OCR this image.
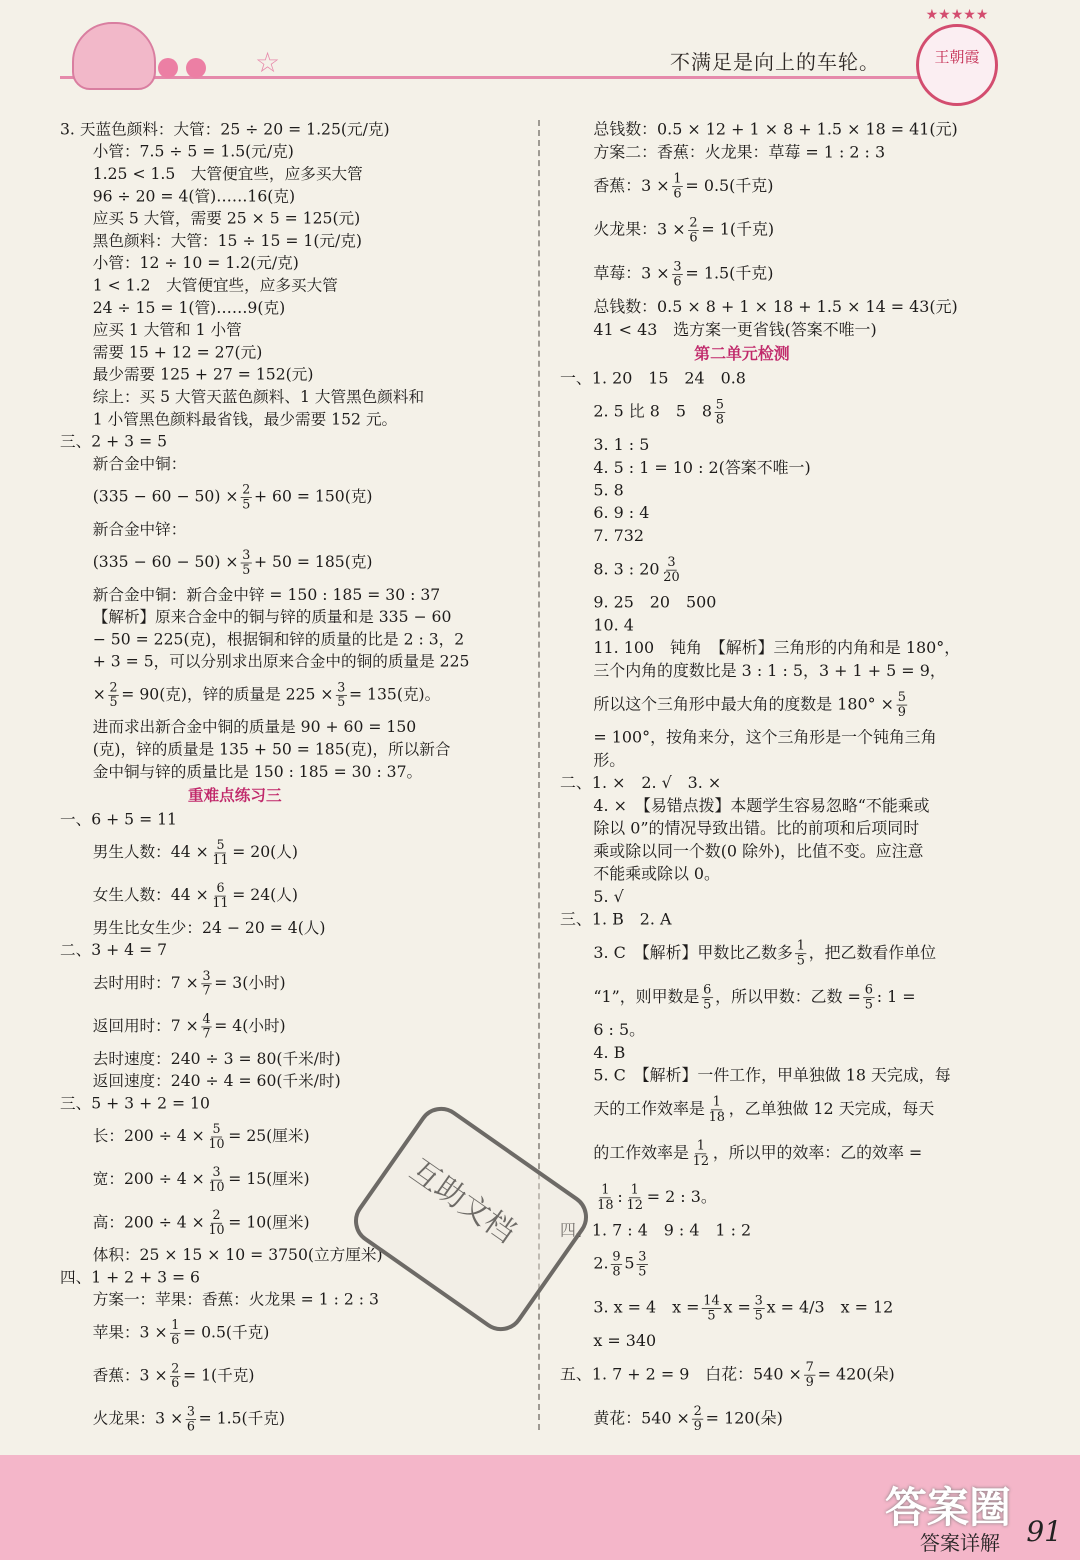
☆	不满足是向上的车轮。
★★★★★
王朝霞
3. 天蓝色颜料：大管：25 ÷ 20 = 1.25(元/克)
小管：7.5 ÷ 5 = 1.5(元/克)
1.25 < 1.5　大管便宜些，应多买大管
96 ÷ 20 = 4(管)……16(克)
应买 5 大管，需要 25 × 5 = 125(元)
黑色颜料：大管：15 ÷ 15 = 1(元/克)
小管：12 ÷ 10 = 1.2(元/克)
1 < 1.2　大管便宜些，应多买大管
24 ÷ 15 = 1(管)……9(克)
应买 1 大管和 1 小管
需要 15 + 12 = 27(元)
最少需要 125 + 27 = 152(元)
综上：买 5 大管天蓝色颜料、1 大管黑色颜料和
1 小管黑色颜料最省钱，最少需要 152 元。
三、2 + 3 = 5
新合金中铜：
$(335 - 60 - 50) \times \frac{2}{5} + 60 = 150$(克)
新合金中锌：
$(335 - 60 - 50) \times \frac{3}{5} + 50 = 185$(克)
新合金中铜：新合金中锌 = 150 : 185 = 30 : 37
【解析】原来合金中的铜与锌的质量和是 335 − 60
− 50 = 225(克)，根据铜和锌的质量的比是 2 : 3，2
+ 3 = 5，可以分别求出原来合金中的铜的质量是 225
× $\frac{2}{5} = 90$(克)，锌的质量是 $225 \times \frac{3}{5} = 135$(克)。
进而求出新合金中铜的质量是 90 + 60 = 150
(克)，锌的质量是 135 + 50 = 185(克)，所以新合
金中铜与锌的质量比是 150 : 185 = 30 : 37。
重难点练习三
一、6 + 5 = 11
男生人数：$44 \times \frac{5}{11} = 20$(人)
女生人数：$44 \times \frac{6}{11} = 24$(人)
男生比女生少：24 − 20 = 4(人)
二、3 + 4 = 7
去时用时：$7 \times \frac{3}{7} = 3$(小时)
返回用时：$7 \times \frac{4}{7} = 4$(小时)
去时速度：240 ÷ 3 = 80(千米/时)
返回速度：240 ÷ 4 = 60(千米/时)
三、5 + 3 + 2 = 10
长：$200 \div 4 \times \frac{5}{10} = 25$(厘米)
宽：$200 \div 4 \times \frac{3}{10} = 15$(厘米)
高：$200 \div 4 \times \frac{2}{10} = 10$(厘米)
体积：25 × 15 × 10 = 3750(立方厘米)
四、1 + 2 + 3 = 6
方案一：苹果：香蕉：火龙果 = 1 : 2 : 3
苹果：$3 \times \frac{1}{6} = 0.5$(千克)
香蕉：$3 \times \frac{2}{6} = 1$(千克)
火龙果：$3 \times \frac{3}{6} = 1.5$(千克)
总钱数：0.5 × 12 + 1 × 8 + 1.5 × 18 = 41(元)
方案二：香蕉：火龙果：草莓 = 1 : 2 : 3
香蕉：$3 \times \frac{1}{6} = 0.5$(千克)
火龙果：$3 \times \frac{2}{6} = 1$(千克)
草莓：$3 \times \frac{3}{6} = 1.5$(千克)
总钱数：0.5 × 8 + 1 × 18 + 1.5 × 14 = 43(元)
41 < 43　选方案一更省钱(答案不唯一)
第二单元检测
一、1. 20　15　24　0.8
2. 5 比 8　5　$8 \frac{5}{8}$
3. 1 : 5
4. 5 : 1 = 10 : 2(答案不唯一)
5. 8
6. 9 : 4
7. 732
8. 3 : $20 \frac{3}{20}$
9. 25　20　500
10. 4
11. 100　钝角　【解析】三角形的内角和是 180°，
三个内角的度数比是 3 : 1 : 5，3 + 1 + 5 = 9，
所以这个三角形中最大角的度数是 $180^\circ \times \frac{5}{9}$
= 100°，按角来分，这个三角形是一个钝角三角
形。
二、1. ×　2. √　3. ×
4. ×　【易错点拨】本题学生容易忽略“不能乘或
除以 0”的情况导致出错。比的前项和后项同时
乘或除以同一个数(0 除外)，比值不变。应注意
不能乘或除以 0。
5. √
三、1. B　2. A
3. C　【解析】甲数比乙数多 $\frac{1}{5}$ ，把乙数看作单位
“1”，则甲数是 $\frac{6}{5}$ ，所以甲数：乙数 = $\frac{6}{5}$ : 1 =
6 : 5。
4. B
5. C　【解析】一件工作，甲单独做 18 天完成，每
天的工作效率是 $\frac{1}{18}$ ，乙单独做 12 天完成，每天
的工作效率是 $\frac{1}{12}$ ，所以甲的效率：乙的效率 =
$\frac{1}{18}$ : $\frac{1}{12} = 2$ : 3。
四、1. 7 : 4　9 : 4　1 : 2
2. $\frac{9}{8} 5 \frac{3}{5}$
3. x = 4　$x = \frac{14}{5}$ $x = \frac{3}{5}$ x = 4/3　x = 12
x = 340
五、1. 7 + 2 = 9　白花：$540 \times \frac{7}{9} = 420$(朵)
黄花：$540 \times \frac{2}{9} = 120$(朵)
互助文档
答案详解 91
答案圈
